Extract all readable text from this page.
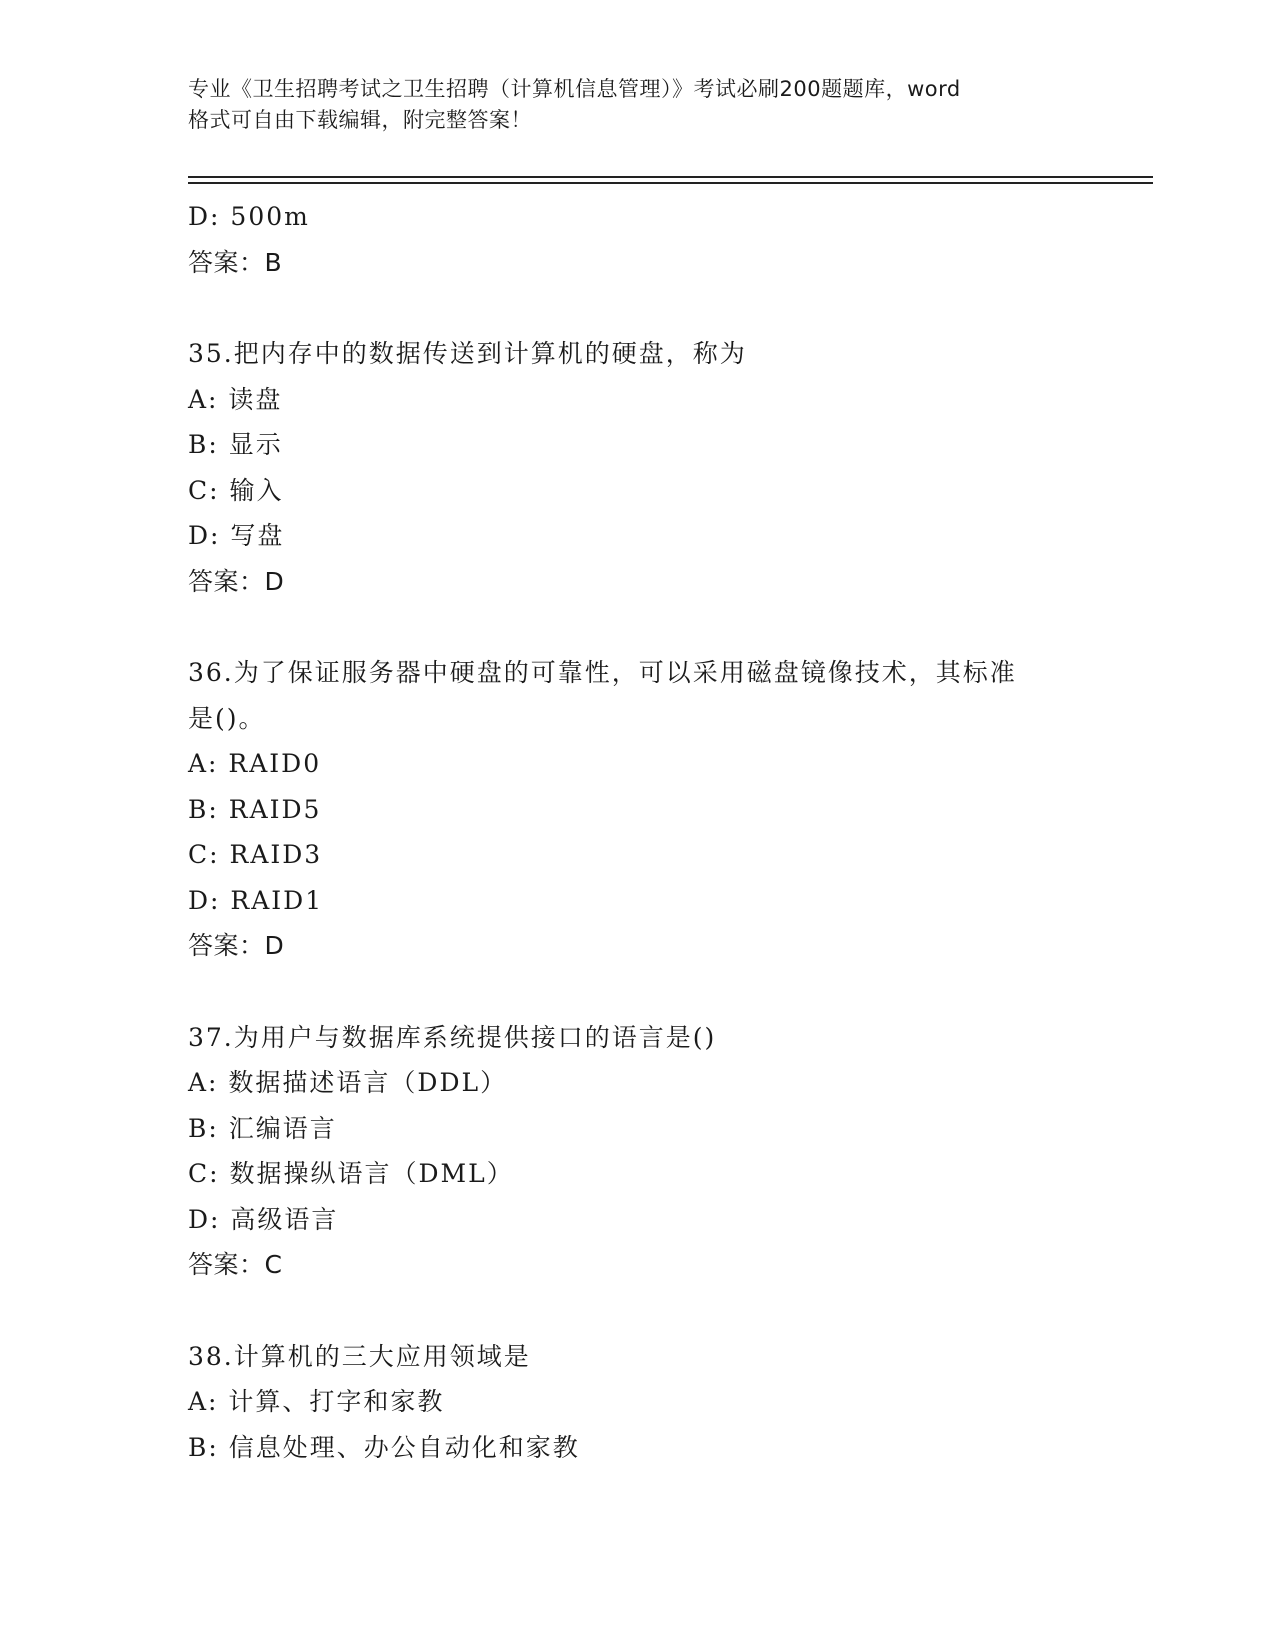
专业《卫生招聘考试之卫生招聘（计算机信息管理）》考试必刷200题题库，word
格式可自由下载编辑，附完整答案！
D: 500m
答案：B
35.把内存中的数据传送到计算机的硬盘，称为
A: 读盘
B: 显示
C: 输入
D: 写盘
答案：D
36.为了保证服务器中硬盘的可靠性，可以采用磁盘镜像技术，其标准
是()。
A: RAID0
B: RAID5
C: RAID3
D: RAID1
答案：D
37.为用户与数据库系统提供接口的语言是()
A: 数据描述语言（DDL）
B: 汇编语言
C: 数据操纵语言（DML）
D: 高级语言
答案：C
38.计算机的三大应用领域是
A: 计算、打字和家教
B: 信息处理、办公自动化和家教
